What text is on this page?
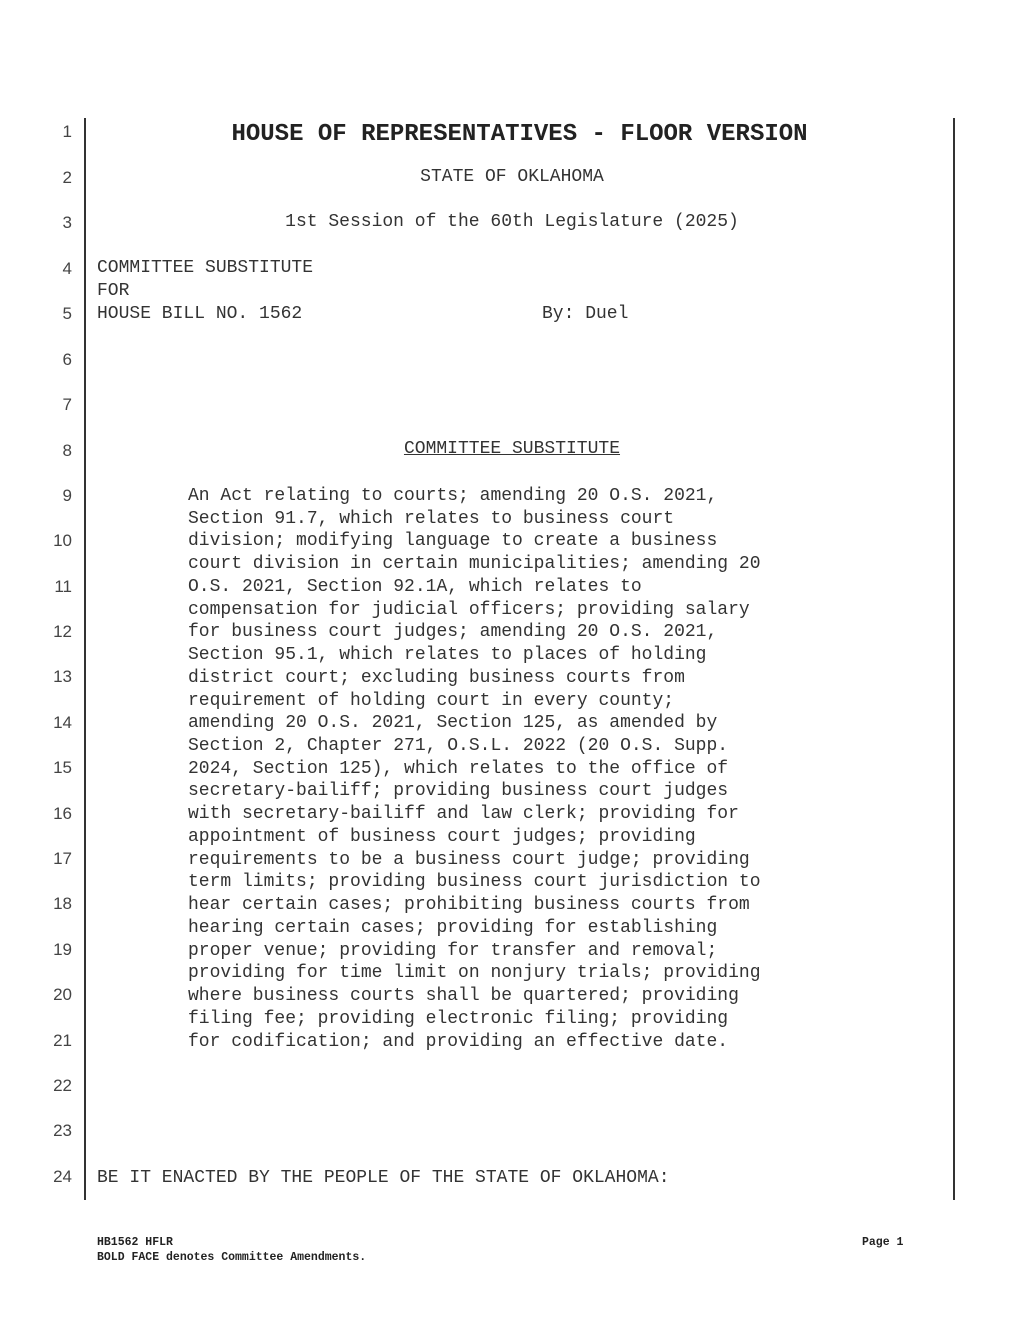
1
2
3
4
5
6
7
8
9
10
11
12
13
14
15
16
17
18
19
20
21
22
23
24
HOUSE OF REPRESENTATIVES - FLOOR VERSION
STATE OF OKLAHOMA
1st Session of the 60th Legislature (2025)
COMMITTEE SUBSTITUTE
FOR
HOUSE BILL NO. 1562	By: Duel
COMMITTEE SUBSTITUTE
An Act relating to courts; amending 20 O.S. 2021,
Section 91.7, which relates to business court
division; modifying language to create a business
court division in certain municipalities; amending 20
O.S. 2021, Section 92.1A, which relates to
compensation for judicial officers; providing salary
for business court judges; amending 20 O.S. 2021,
Section 95.1, which relates to places of holding
district court; excluding business courts from
requirement of holding court in every county;
amending 20 O.S. 2021, Section 125, as amended by
Section 2, Chapter 271, O.S.L. 2022 (20 O.S. Supp.
2024, Section 125), which relates to the office of
secretary-bailiff; providing business court judges
with secretary-bailiff and law clerk; providing for
appointment of business court judges; providing
requirements to be a business court judge; providing
term limits; providing business court jurisdiction to
hear certain cases; prohibiting business courts from
hearing certain cases; providing for establishing
proper venue; providing for transfer and removal;
providing for time limit on nonjury trials; providing
where business courts shall be quartered; providing
filing fee; providing electronic filing; providing
for codification; and providing an effective date.
BE IT ENACTED BY THE PEOPLE OF THE STATE OF OKLAHOMA:
HB1562 HFLR
BOLD FACE denotes Committee Amendments.
Page 1
